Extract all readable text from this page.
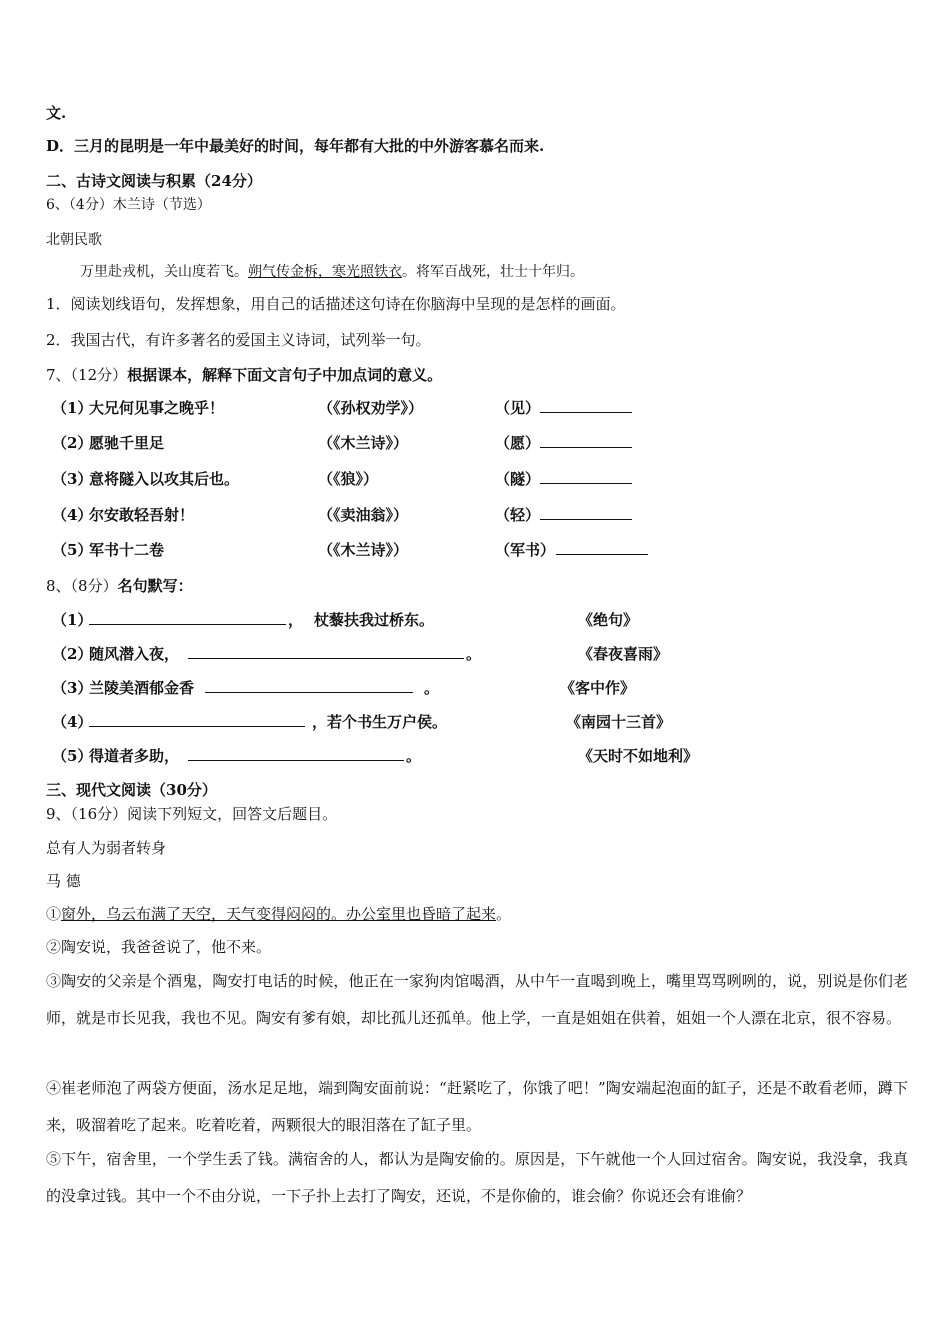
文.
D．三月的昆明是一年中最美好的时间，每年都有大批的中外游客慕名而来.
二、古诗文阅读与积累（24分）
6、（4分）木兰诗（节选）
北朝民歌
万里赴戎机，关山度若飞。朔气传金柝，寒光照铁衣。将军百战死，壮士十年归。
1．阅读划线语句，发挥想象，用自己的话描述这句诗在你脑海中呈现的是怎样的画面。
2．我国古代，有许多著名的爱国主义诗词，试列举一句。
7、（12分）根据课本，解释下面文言句子中加点词的意义。
（1）
大兄何见事之晚乎！	（《孙权劝学》）	（见）
（2）
愿驰千里足	（《木兰诗》）	（愿）
（3）
意将隧入以攻其后也。	（《狼》）	（隧）
（4）
尔安敢轻吾射！	（《卖油翁》）	（轻）
（5）
军书十二卷	（《木兰诗》）	（军书）
8、（8分）名句默写：
（1）	， 杖藜扶我过桥东。	《绝句》
（2）
随风潜入夜，	。	《春夜喜雨》
（3）
兰陵美酒郁金香	。	《客中作》
（4）	，若个书生万户侯。	《南园十三首》
（5）
得道者多助，	。	《天时不如地利》
三、现代文阅读（30分）
9、（16分）阅读下列短文，回答文后题目。
总有人为弱者转身
马 德
①窗外，乌云布满了天空，天气变得闷闷的。办公室里也昏暗了起来。
②陶安说，我爸爸说了，他不来。
③陶安的父亲是个酒鬼，陶安打电话的时候，他正在一家狗肉馆喝酒，从中午一直喝到晚上，嘴里骂骂咧咧的，说，别说是你们老师，就是市长见我，我也不见。陶安有爹有娘，却比孤儿还孤单。他上学，一直是姐姐在供着，姐姐一个人漂在北京，很不容易。
④崔老师泡了两袋方便面，汤水足足地，端到陶安面前说：“赶紧吃了，你饿了吧！”陶安端起泡面的缸子，还是不敢看老师，蹲下来，吸溜着吃了起来。吃着吃着，两颗很大的眼泪落在了缸子里。
⑤下午，宿舍里，一个学生丢了钱。满宿舍的人，都认为是陶安偷的。原因是，下午就他一个人回过宿舍。陶安说，我没拿，我真的没拿过钱。其中一个不由分说，一下子扑上去打了陶安，还说，不是你偷的，谁会偷？你说还会有谁偷？
